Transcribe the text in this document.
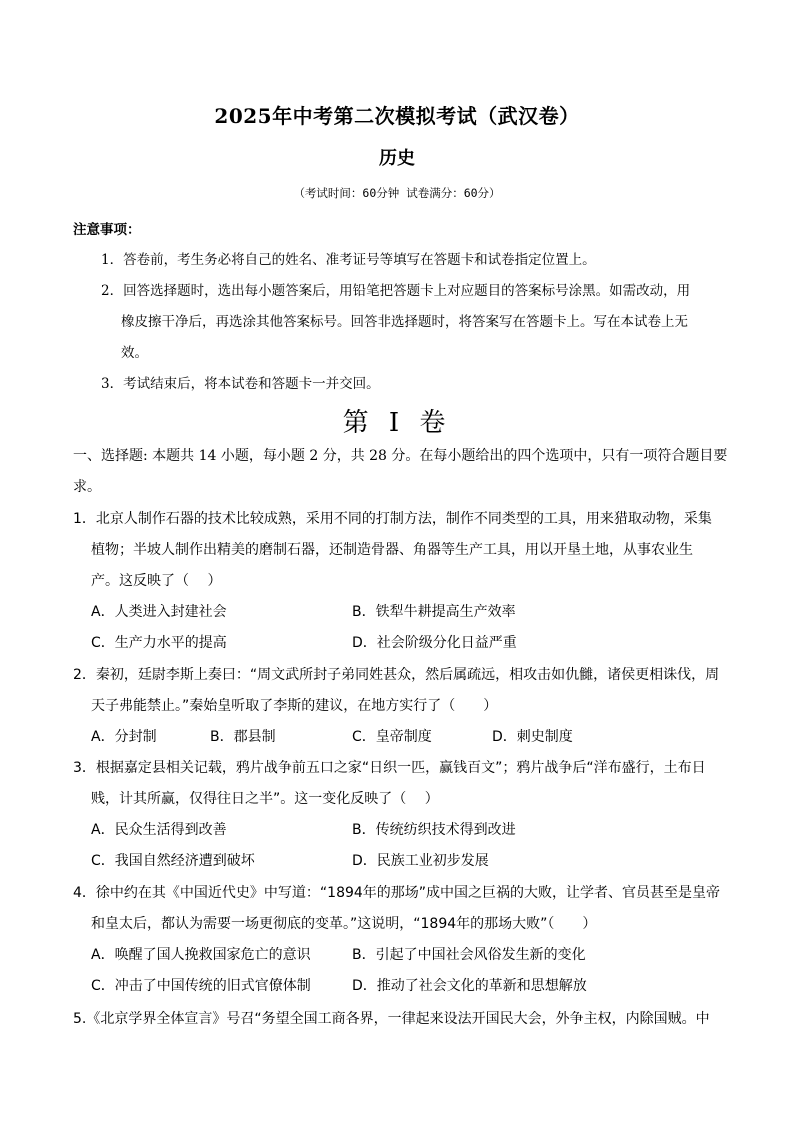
2025年中考第二次模拟考试（武汉卷）
历史
（考试时间：60分钟 试卷满分：60分）
注意事项：
1．答卷前，考生务必将自己的姓名、准考证号等填写在答题卡和试卷指定位置上。
2．回答选择题时，选出每小题答案后，用铅笔把答题卡上对应题目的答案标号涂黑。如需改动，用
橡皮擦干净后，再选涂其他答案标号。回答非选择题时，将答案写在答题卡上。写在本试卷上无
效。
3．考试结束后，将本试卷和答题卡一并交回。
第 I 卷
一、选择题: 本题共 14 小题，每小题 2 分，共 28 分。在每小题给出的四个选项中，只有一项符合题目要
求。
1．北京人制作石器的技术比较成熟，采用不同的打制方法，制作不同类型的工具，用来猎取动物，采集
植物；半坡人制作出精美的磨制石器，还制造骨器、角器等生产工具，用以开垦土地，从事农业生
产。这反映了（　 ）
A．人类进入封建社会	B．铁犁牛耕提高生产效率
C．生产力水平的提高	D．社会阶级分化日益严重
2．秦初，廷尉李斯上奏曰：“周文武所封子弟同姓甚众，然后属疏远，相攻击如仇雠，诸侯更相诛伐，周
天子弗能禁止。”秦始皇听取了李斯的建议，在地方实行了（　　）
A．分封制	B．郡县制	C．皇帝制度	D．刺史制度
3．根据嘉定县相关记载，鸦片战争前五口之家“日织一匹，赢钱百文”；鸦片战争后“洋布盛行，土布日
贱，计其所赢，仅得往日之半”。这一变化反映了（　 ）
A．民众生活得到改善	B．传统纺织技术得到改进
C．我国自然经济遭到破坏	D．民族工业初步发展
4．徐中约在其《中国近代史》中写道：“1894年的那场”成中国之巨祸的大败，让学者、官员甚至是皇帝
和皇太后，都认为需要一场更彻底的变革。”这说明，“1894年的那场大败”（　　）
A．唤醒了国人挽救国家危亡的意识	B．引起了中国社会风俗发生新的变化
C．冲击了中国传统的旧式官僚体制	D．推动了社会文化的革新和思想解放
5.《北京学界全体宣言》号召“务望全国工商各界，一律起来设法开国民大会，外争主权，内除国贼。中
